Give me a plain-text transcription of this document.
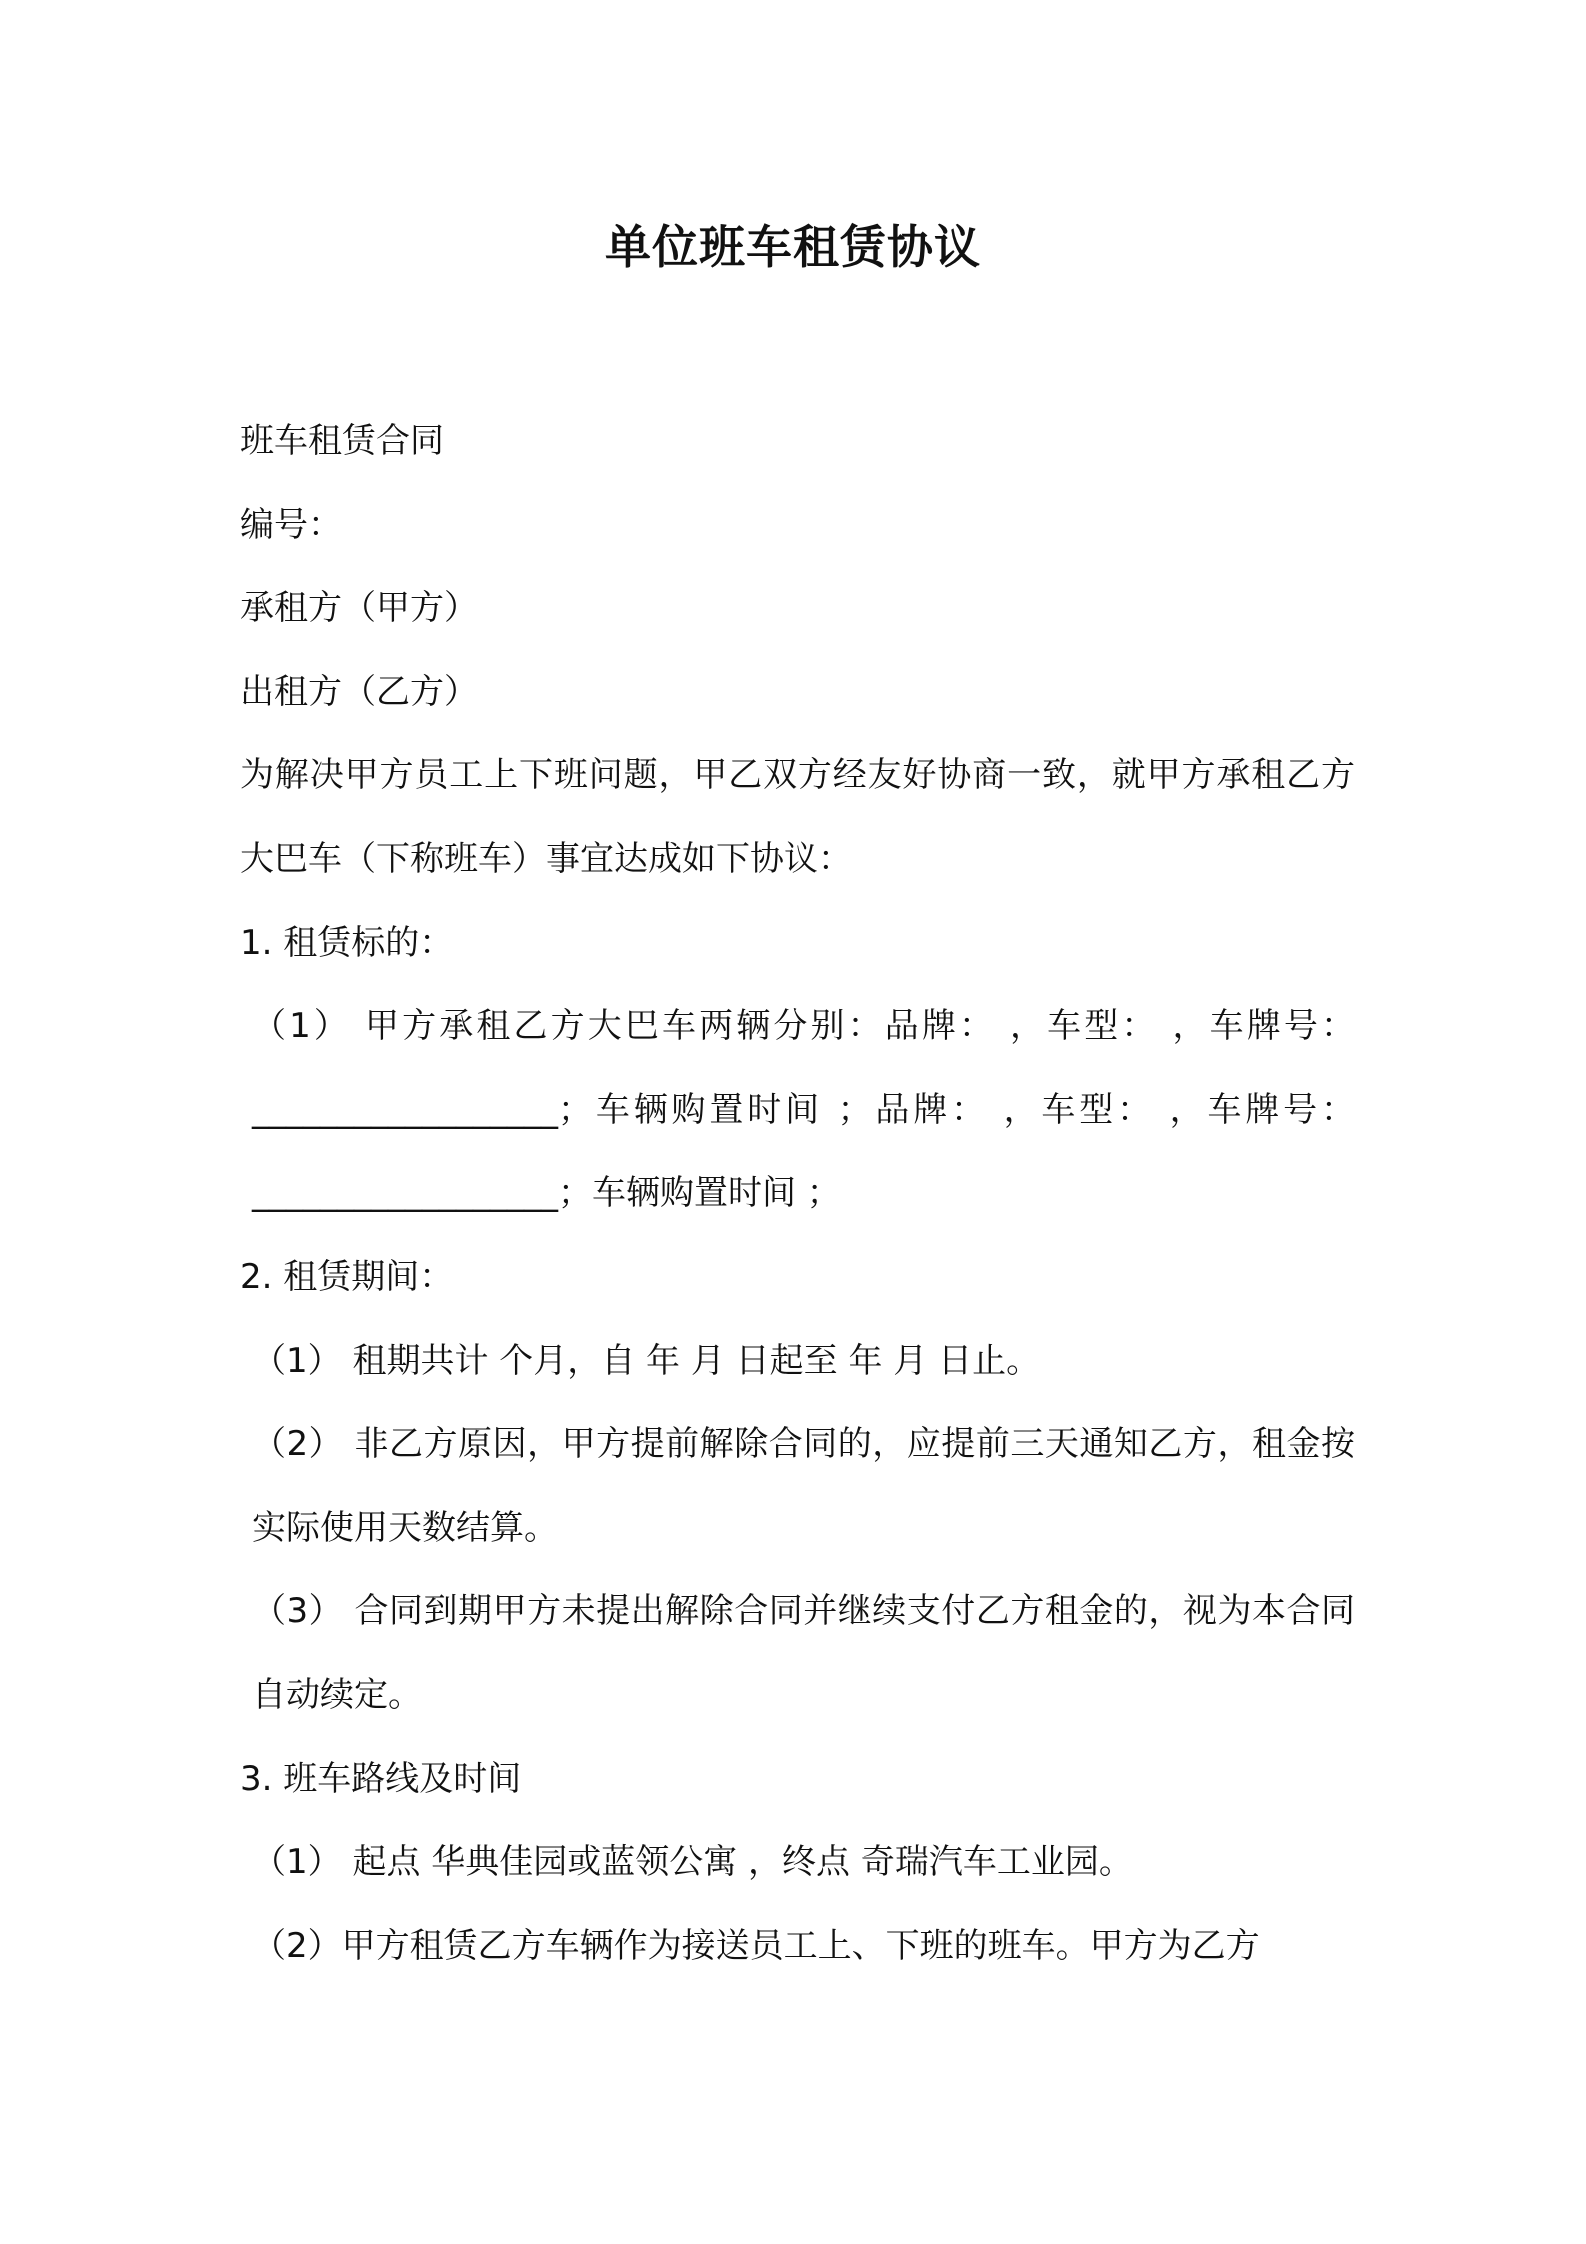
单位班车租赁协议

班车租赁合同

编号：

承租方（甲方）

出租方（乙方）

为解决甲方员工上下班问题，甲乙双方经友好协商一致，就甲方承租乙方大巴车（下称班车）事宜达成如下协议：

1. 租赁标的：

（1） 甲方承租乙方大巴车两辆分别：品牌： ，车型： ，车牌号：__________________；车辆购置时间 ；品牌： ，车型： ，车牌号：__________________；车辆购置时间 ；

2. 租赁期间：

（1） 租期共计 个月，自 年 月 日起至 年 月 日止。

（2） 非乙方原因，甲方提前解除合同的，应提前三天通知乙方，租金按实际使用天数结算。

（3） 合同到期甲方未提出解除合同并继续支付乙方租金的，视为本合同自动续定。

3. 班车路线及时间

（1） 起点 华典佳园或蓝领公寓 ，终点 奇瑞汽车工业园。

（2）甲方租赁乙方车辆作为接送员工上、下班的班车。甲方为乙方
